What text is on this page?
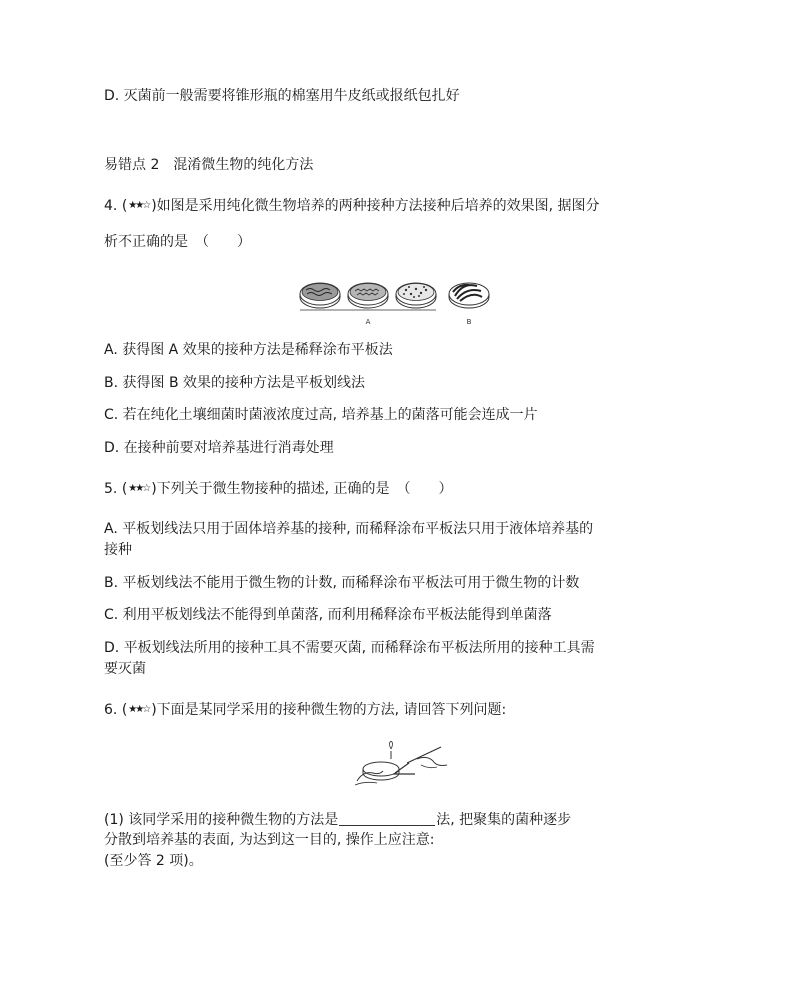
D. 灭菌前一般需要将锥形瓶的棉塞用牛皮纸或报纸包扎好
易错点 2　混淆微生物的纯化方法
4. (★★☆ )如图是采用纯化微生物培养的两种接种方法接种后培养的效果图, 据图分
析不正确的是　（　　）
A	B
A. 获得图 A 效果的接种方法是稀释涂布平板法
B. 获得图 B 效果的接种方法是平板划线法
C. 若在纯化土壤细菌时菌液浓度过高, 培养基上的菌落可能会连成一片
D. 在接种前要对培养基进行消毒处理
5. (★★☆ )下列关于微生物接种的描述, 正确的是　（　　）
A. 平板划线法只用于固体培养基的接种, 而稀释涂布平板法只用于液体培养基的
接种
B. 平板划线法不能用于微生物的计数, 而稀释涂布平板法可用于微生物的计数
C. 利用平板划线法不能得到单菌落, 而利用稀释涂布平板法能得到单菌落
D. 平板划线法所用的接种工具不需要灭菌, 而稀释涂布平板法所用的接种工具需
要灭菌
6. (★★☆ )下面是某同学采用的接种微生物的方法, 请回答下列问题:
(1) 该同学采用的接种微生物的方法是	法, 把聚集的菌种逐步
分散到培养基的表面, 为达到这一目的, 操作上应注意:
(至少答 2 项)。
